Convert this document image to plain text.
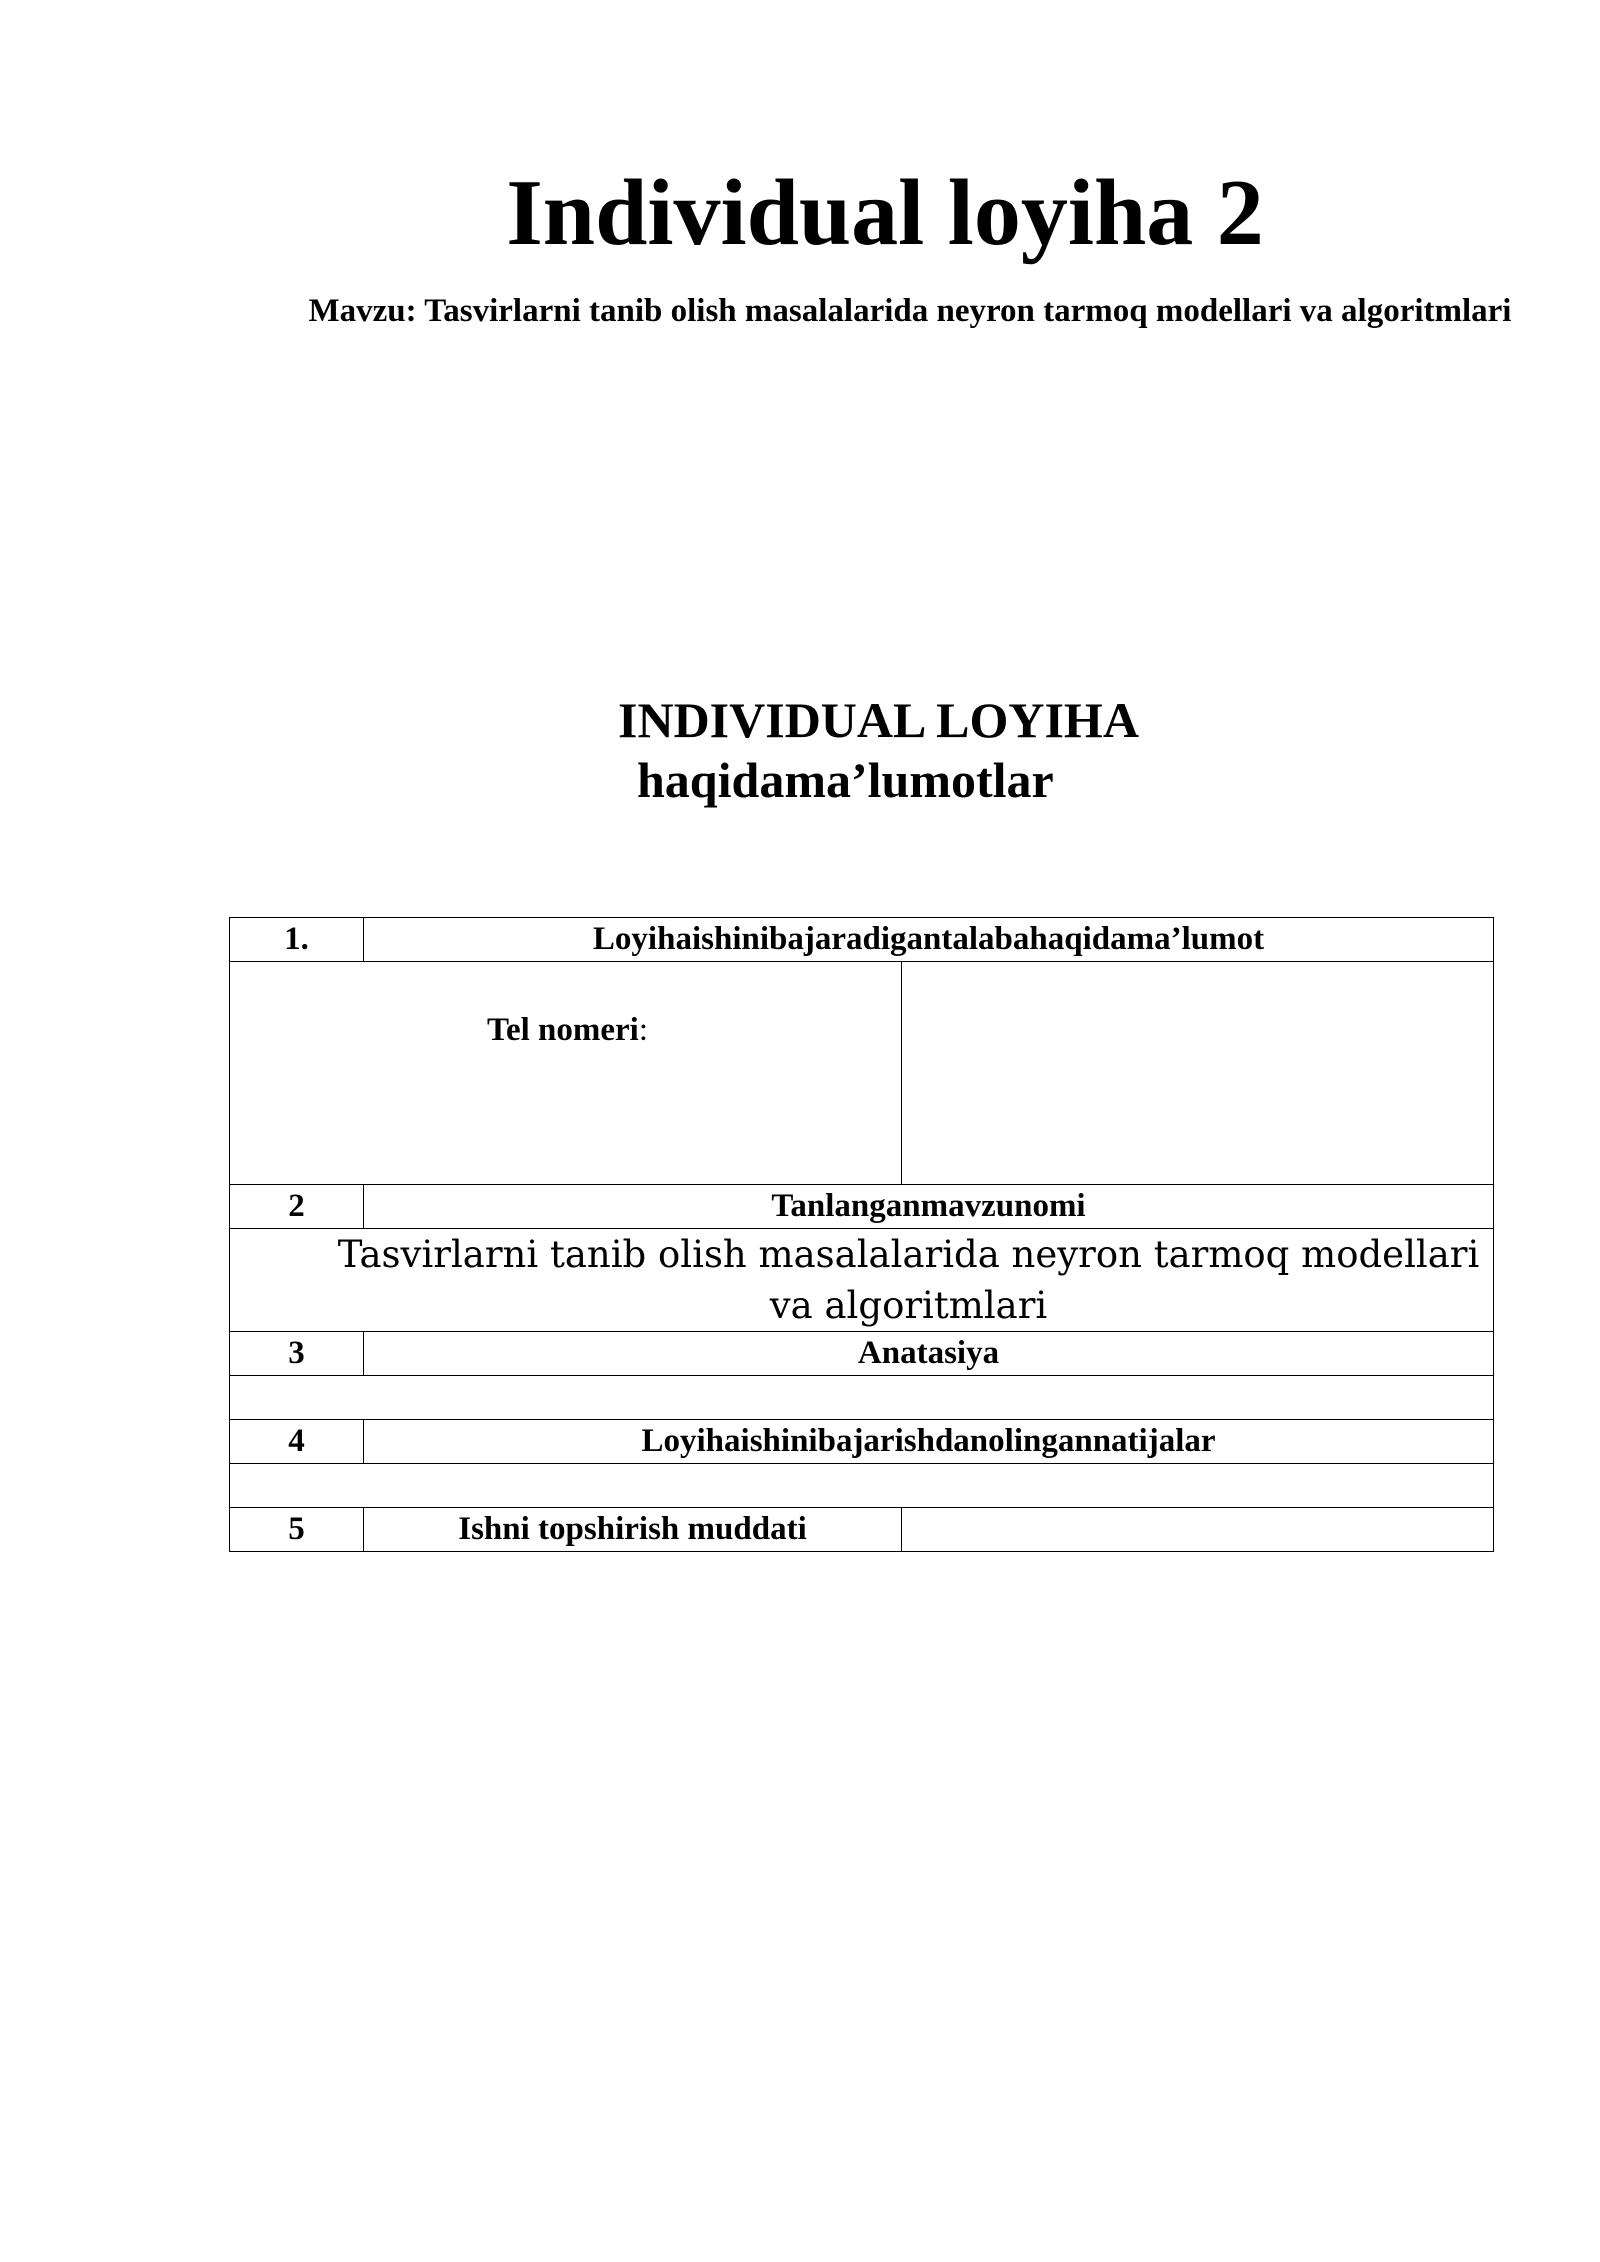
Individual loyiha 2
Mavzu: Tasvirlarni tanib olish masalalarida neyron tarmoq modellari va algoritmlari
INDIVIDUAL LOYIHA
haqidama’lumotlar
1.	Loyihaishinibajaradigantalabahaqidama’lumot	
Tel nomeri:		
2	Tanlanganmavzunomi	
Tasvirlarni tanib olish masalalarida neyron tarmoq modellari va algoritmlari		
3	Anatasiya	

4	Loyihaishinibajarishdanolingannatijalar	

5	Ishni topshirish muddati	
